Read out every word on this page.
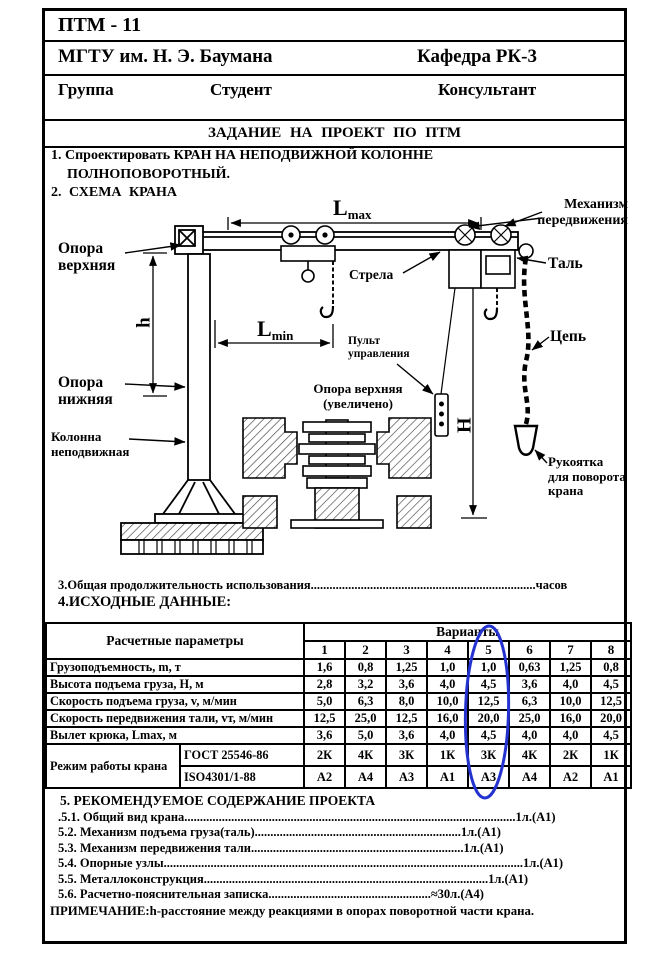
ПТМ - 11
МГТУ им. Н. Э. Баумана	Кафедра РК-3
Группа	Студент	Консультант
ЗАДАНИЕ НА ПРОЕКТ ПО ПТМ
1. Спроектировать КРАН НА НЕПОДВИЖНОЙ КОЛОННЕ
ПОЛНОПОВОРОТНЫЙ.
2. СХЕМА КРАНА
$L_{max}$
Механизм
передвижения
Опора
верхняя	Таль
Стрела
h	$L_{min}$	Пульт
управления
Цепь
Опора
нижняя
Опора верхняя
(увеличено)
Колонна
неподвижная
Н
Рукоятка
для поворота
крана
3.Общая продолжительность использования........................................................................часов
4.ИСХОДНЫЕ ДАННЫЕ:
Расчетные параметры		Варианты							
		1	2	3	4	5	6	7	8
Грузоподъемность, m, т		1,6	0,8	1,25	1,0	1,0	0,63	1,25	0,8
Высота подъема груза, Н, м		2,8	3,2	3,6	4,0	4,5	3,6	4,0	4,5
Скорость подъема груза, v, м/мин		5,0	6,3	8,0	10,0	12,5	6,3	10,0	12,5
Скорость передвижения тали, vт, м/мин		12,5	25,0	12,5	16,0	20,0	25,0	16,0	20,0
Вылет крюка, Lmax, м		3,6	5,0	3,6	4,0	4,5	4,0	4,0	4,5
Режим работы крана	ГОСТ 25546-86	2К	4К	3К	1К	3К	4К	2К	1К
	ISO4301/1-88	А2	А4	А3	А1	А3	А4	А2	А1
5. РЕКОМЕНДУЕМОЕ СОДЕРЖАНИЕ ПРОЕКТА
.5.1. Общий вид крана..........................................................................................................1л.(А1)
5.2. Механизм подъема груза(таль)..................................................................1л.(А1)
5.3. Механизм передвижения тали....................................................................1л.(А1)
5.4. Опорные узлы...................................................................................................................1л.(А1)
5.5. Металлоконструкция...........................................................................................1л.(А1)
5.6. Расчетно-пояснительная записка....................................................≈30л.(А4)
ПРИМЕЧАНИЕ:h-расстояние между реакциями в опорах поворотной части крана.
